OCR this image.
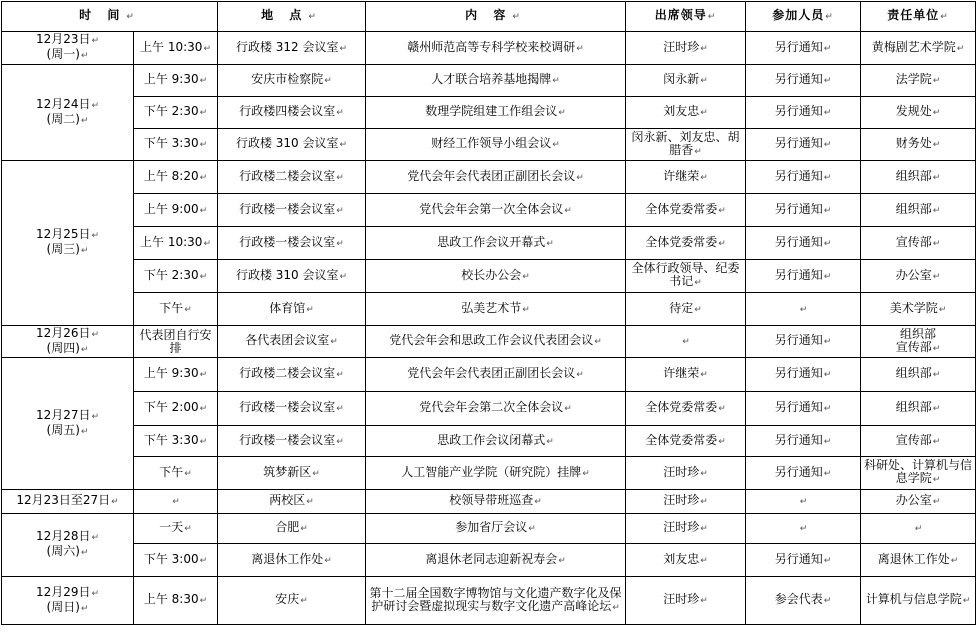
时 间 ↵		地 点 ↵	内 容 ↵	出席领导 ↵	参加人员 ↵	责任单位 ↵

12月23日 ↵
(周一) ↵	上午 10:30 ↵	行政楼 312 会议室 ↵	赣州师范高等专科学校来校调研 ↵	汪时珍 ↵	另行通知 ↵	黄梅剧艺术学院 ↵

12月24日 ↵
(周二) ↵	上午 9:30 ↵	安庆市检察院 ↵	人才联合培养基地揭牌 ↵	闵永新 ↵	另行通知 ↵	法学院 ↵
	下午 2:30 ↵	行政楼四楼会议室 ↵	数理学院组建工作组会议 ↵	刘友忠 ↵	另行通知 ↵	发规处 ↵
	下午 3:30 ↵	行政楼 310 会议室 ↵	财经工作领导小组会议 ↵	闵永新、刘友忠、胡腊香 ↵	另行通知 ↵	财务处 ↵

12月25日 ↵
(周三) ↵	上午 8:20 ↵	行政楼二楼会议室 ↵	党代会年会代表团正副团长会议 ↵	许继荣 ↵	另行通知 ↵	组织部 ↵
	上午 9:00 ↵	行政楼一楼会议室 ↵	党代会年会第一次全体会议 ↵	全体党委常委 ↵	另行通知 ↵	组织部 ↵
	上午 10:30 ↵	行政楼一楼会议室 ↵	思政工作会议开幕式 ↵	全体党委常委 ↵	另行通知 ↵	宣传部 ↵
	下午 2:30 ↵	行政楼 310 会议室 ↵	校长办公会 ↵	全体行政领导、纪委书记 ↵	另行通知 ↵	办公室 ↵
	下午 ↵	体育馆 ↵	弘美艺术节 ↵	待定 ↵	↵	美术学院 ↵

12月26日 ↵
(周四) ↵	代表团自行安排	各代表团会议室 ↵	党代会年会和思政工作会议代表团会议 ↵	↵	另行通知 ↵	组织部
宣传部 ↵

12月27日 ↵
(周五) ↵	上午 9:30 ↵	行政楼二楼会议室 ↵	党代会年会代表团正副团长会议 ↵	许继荣 ↵	另行通知 ↵	组织部 ↵
	下午 2:00 ↵	行政楼一楼会议室 ↵	党代会年会第二次全体会议 ↵	全体党委常委 ↵	另行通知 ↵	组织部 ↵
	下午 3:30 ↵	行政楼一楼会议室 ↵	思政工作会议闭幕式 ↵	全体党委常委 ↵	另行通知 ↵	宣传部 ↵
	下午 ↵	筑梦新区 ↵	人工智能产业学院（研究院）挂牌 ↵	汪时珍 ↵	另行通知 ↵	科研处、计算机与信息学院 ↵
12月23日至27日 ↵	↵	两校区 ↵	校领导带班巡查 ↵	汪时珍 ↵	↵	办公室 ↵

12月28日 ↵
(周六) ↵	一天 ↵	合肥 ↵	参加省厅会议 ↵	汪时珍 ↵	↵	↵
	下午 3:00 ↵	离退休工作处 ↵	离退休老同志迎新祝寿会 ↵	刘友忠 ↵	另行通知 ↵	离退休工作处 ↵

12月29日 ↵
(周日) ↵	上午 8:30 ↵	安庆 ↵	第十二届全国数字博物馆与文化遗产数字化及保护研讨会暨虚拟现实与数字文化遗产高峰论坛 ↵	汪时珍 ↵	参会代表 ↵	计算机与信息学院 ↵
